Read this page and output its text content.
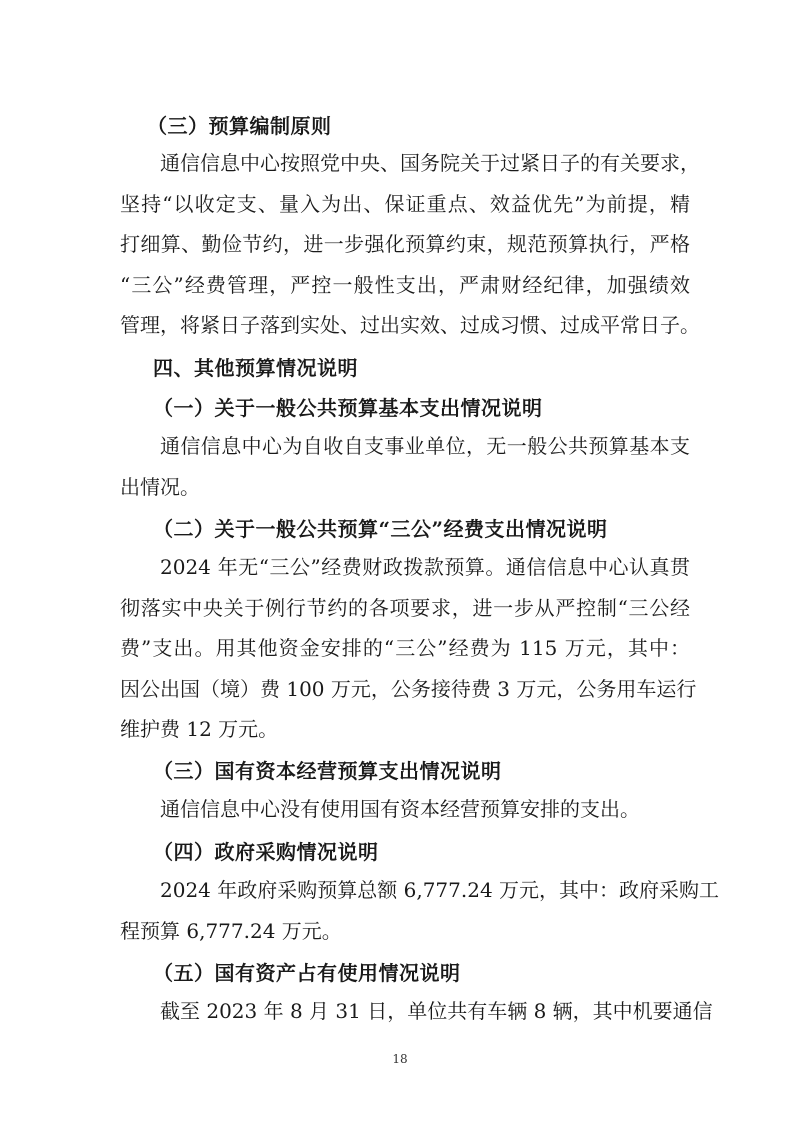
（三）预算编制原则
通信信息中心按照党中央、国务院关于过紧日子的有关要求，
坚持“以收定支、量入为出、保证重点、效益优先”为前提，精
打细算、勤俭节约，进一步强化预算约束，规范预算执行，严格
“三公”经费管理，严控一般性支出，严肃财经纪律，加强绩效
管理，将紧日子落到实处、过出实效、过成习惯、过成平常日子。
四、其他预算情况说明
（一）关于一般公共预算基本支出情况说明
通信信息中心为自收自支事业单位，无一般公共预算基本支
出情况。
（二）关于一般公共预算“三公”经费支出情况说明
2024 年无“三公”经费财政拨款预算。通信信息中心认真贯
彻落实中央关于例行节约的各项要求，进一步从严控制“三公经
费”支出。用其他资金安排的“三公”经费为 115 万元，其中：
因公出国（境）费 100 万元，公务接待费 3 万元，公务用车运行
维护费 12 万元。
（三）国有资本经营预算支出情况说明
通信信息中心没有使用国有资本经营预算安排的支出。
（四）政府采购情况说明
2024 年政府采购预算总额 6,777.24 万元，其中：政府采购工
程预算 6,777.24 万元。
（五）国有资产占有使用情况说明
截至 2023 年 8 月 31 日，单位共有车辆 8 辆，其中机要通信
18
